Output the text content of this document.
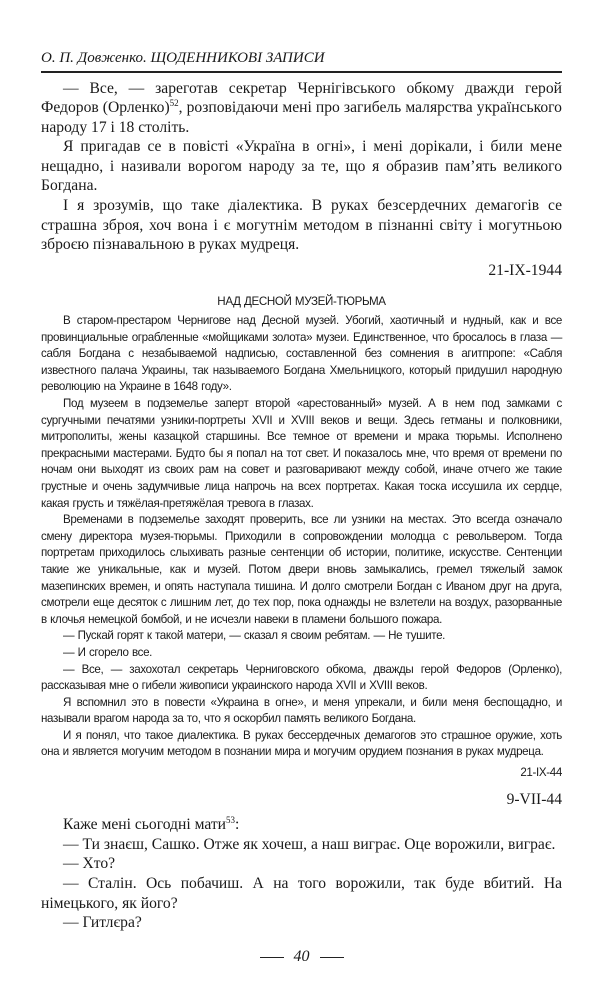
О. П. Довженко. ЩОДЕННИКОВІ ЗАПИСИ

— Все, — зареготав секретар Чернігівського обкому дважди герой Федоров (Орленко)$^{52}$, розповідаючи мені про загибель малярства українського народу 17 і 18 століть.

Я пригадав се в повісті «Україна в огні», і мені дорікали, і били мене нещадно, і називали ворогом народу за те, що я образив пам’ять великого Богдана.

І я зрозумів, що таке діалектика. В руках безсердечних демагогів се страшна зброя, хоч вона і є могутнім методом в пізнанні світу і могутньою зброєю пізнавальною в руках мудреця.

21-IX-1944

НАД ДЕСНОЙ МУЗЕЙ-ТЮРЬМА

В старом-престаром Чернигове над Десной музей. Убогий, хаотичный и нудный, как и все провинциальные ограбленные «мойщиками золота» музеи. Единственное, что бросалось в глаза — сабля Богдана с незабываемой надписью, составленной без сомнения в агитпропе: «Сабля известного палача Украины, так называемого Богдана Хмельницкого, который придушил народную революцию на Украине в 1648 году».

Под музеем в подземелье заперт второй «арестованный» музей. А в нем под замками с сургучными печатями узники-портреты XVII и XVIII веков и вещи. Здесь гетманы и полковники, митрополиты, жены казацкой старшины. Все темное от времени и мрака тюрьмы. Исполнено прекрасными мастерами. Будто бы я попал на тот свет. И показалось мне, что время от времени по ночам они выходят из своих рам на совет и разговаривают между собой, иначе отчего же такие грустные и очень задумчивые лица напрочь на всех портретах. Какая тоска иссушила их сердце, какая грусть и тяжёлая-претяжёлая тревога в глазах.

Временами в подземелье заходят проверить, все ли узники на местах. Это всегда означало смену директора музея-тюрьмы. Приходили в сопровождении молодца с револьвером. Тогда портретам приходилось слыхивать разные сентенции об истории, политике, искусстве. Сентенции такие же уникальные, как и музей. Потом двери вновь замыкались, гремел тяжелый замок мазепинских времен, и опять наступала тишина. И долго смотрели Богдан с Иваном друг на друга, смотрели еще десяток с лишним лет, до тех пор, пока однажды не взлетели на воздух, разорванные в клочья немецкой бомбой, и не исчезли навеки в пламени большого пожара.

— Пускай горят к такой матери, — сказал я своим ребятам. — Не тушите.

— И сгорело все.

— Все, — захохотал секретарь Черниговского обкома, дважды герой Федоров (Орленко), рассказывая мне о гибели живописи украинского народа XVII и XVIII веков.

Я вспомнил это в повести «Украина в огне», и меня упрекали, и били меня беспощадно, и называли врагом народа за то, что я оскорбил память великого Богдана.

И я понял, что такое диалектика. В руках бессердечных демагогов это страшное оружие, хоть она и является могучим методом в познании мира и могучим орудием познания в руках мудреца.

21-IX-44

9-VII-44

Каже мені сьогодні мати$^{53}$:

— Ти знаєш, Сашко. Отже як хочеш, а наш виграє. Оце ворожили, виграє.

— Хто?

— Сталін. Ось побачиш. А на того ворожили, так буде вбитий. На німецького, як його?

— Гитлєра?

40
